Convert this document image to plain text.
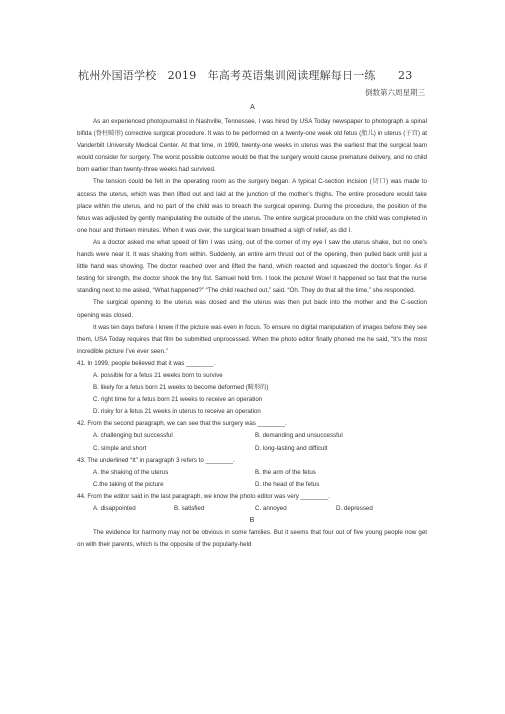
杭州外国语学校　2019　年高考英语集训阅读理解每日一练　　23
倒数第六周星期三
A

As an experienced photojournalist in Nashville, Tennessee, I was hired by USA Today newspaper to photograph a spinal bifida (脊柱畸形) corrective surgical procedure. It was to be performed on a twenty-one week old fetus (胎儿) in uterus (子宫) at Vanderbilt University Medical Center. At that time, in 1999, twenty-one weeks in uterus was the earliest that the surgical team would consider for surgery. The worst possible outcome would be that the surgery would cause premature delivery, and no child born earlier than twenty-three weeks had survived.

The tension could be felt in the operating room as the surgery began. A typical C-section incision (切口) was made to access the uterus, which was then lifted out and laid at the junction of the mother’s thighs. The entire procedure would take place within the uterus, and no part of the child was to breach the surgical opening. During the procedure, the position of the fetus was adjusted by gently manipulating the outside of the uterus. The entire surgical procedure on the child was completed in one hour and thirteen minutes. When it was over, the surgical team breathed a sigh of relief, as did I.

As a doctor asked me what speed of film I was using, out of the corner of my eye I saw the uterus shake, but no one’s hands were near it. It was shaking from within. Suddenly, an entire arm thrust out of the opening, then pulled back until just a little hand was showing. The doctor reached over and lifted the hand, which reacted and squeezed the doctor’s finger. As if testing for strength, the doctor shook the tiny fist. Samuel held firm. I took the picture! Wow! It happened so fast that the nurse standing next to me asked, “What happened?” “The child reached out,” said. “Oh. They do that all the time,” she responded.

The surgical opening to the uterus was closed and the uterus was then put back into the mother and the C-section opening was closed.

It was ten days before I knew if the picture was even in focus. To ensure no digital manipulation of images before they see them, USA Today requires that film be submitted unprocessed. When the photo editor finally phoned me he said, “It’s the most incredible picture I’ve ever seen.”

41. In 1999, people believed that it was ________.

A. possible for a fetus 21 weeks born to survive

B. likely for a fetus born 21 weeks to become deformed (畸形的)

C. right time for a fetus born 21 weeks to receive an operation

D. risky for a fetus 21 weeks in uterus to receive an operation

42. From the second paragraph, we can see that the surgery was ________.

A. challenging but successful	B. demanding and unsuccessful
C. simple and short	D. long-lasting and difficult

43. The underlined “It” in paragraph 3 refers to ________.

A. the shaking of the uterus	B. the arm of the fetus
C.the taking of the picture	D. the head of the fetus

44. From the editor said in the last paragraph, we know the photo editor was very ________.

A. disappointed	B. satisfied	C. annoyed	D. depressed
B

The evidence for harmony may not be obvious in some families. But it seems that four out of five young people now get on with their parents, which is the opposite of the popularly-held
